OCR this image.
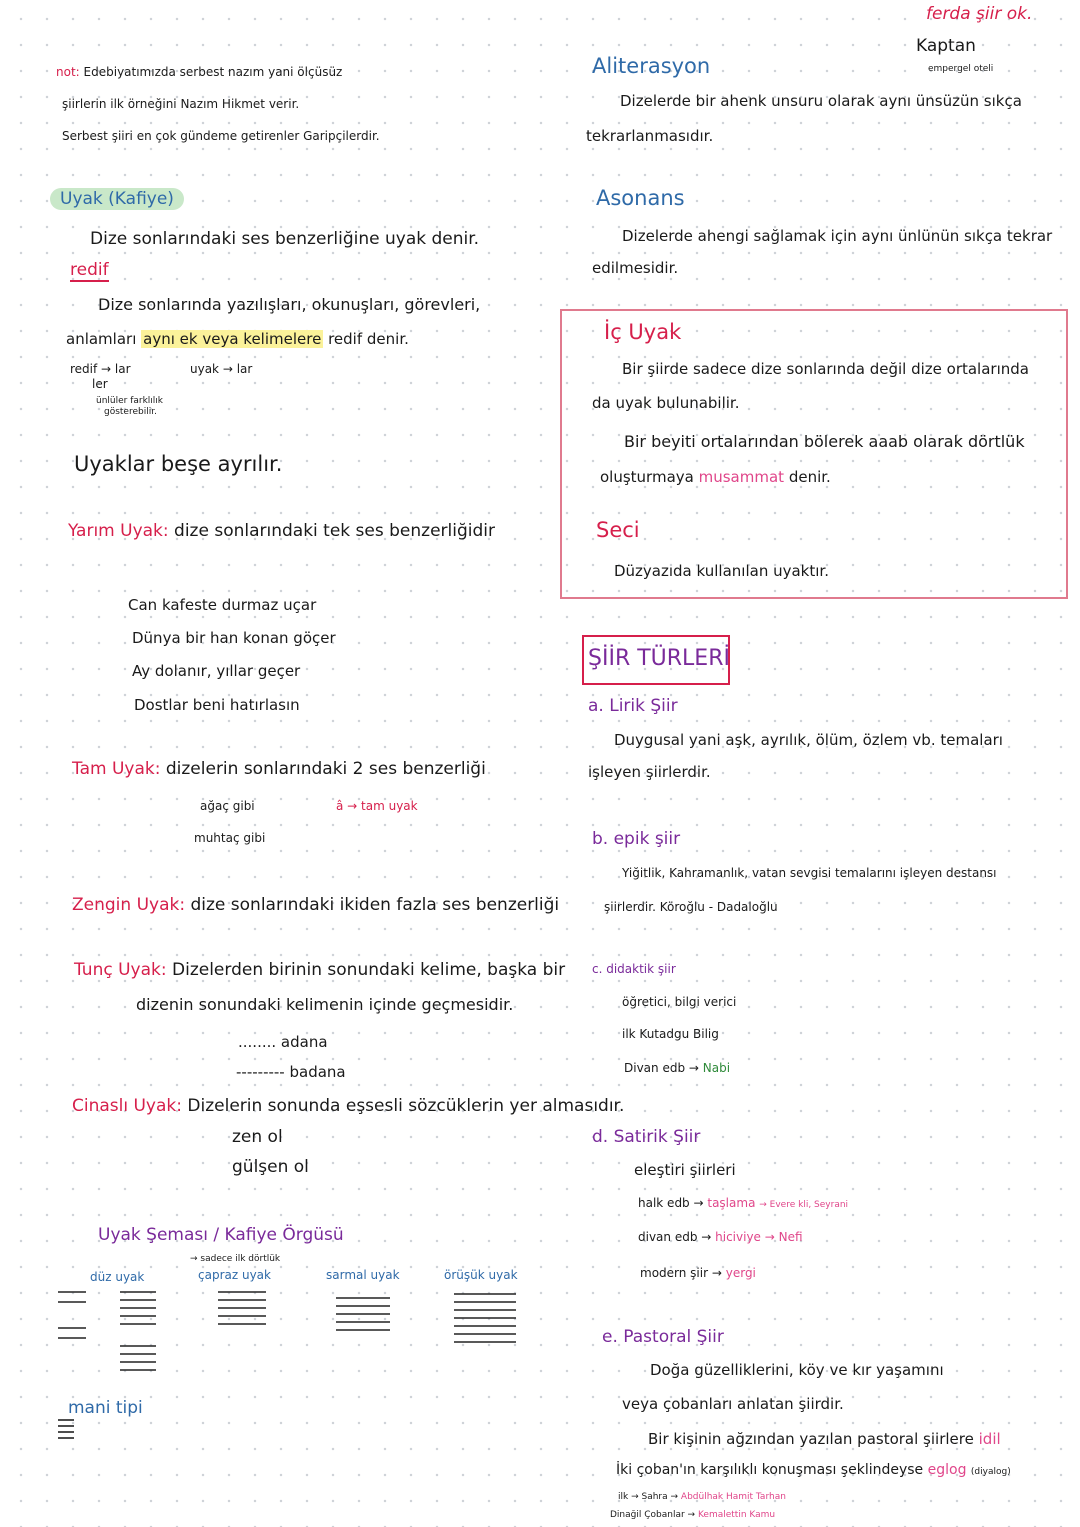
ferda şiir ok.
Kaptan
empergel oteli
not: Edebiyatımızda serbest nazım yani ölçüsüz
şiirlerin ilk örneğini Nazım Hikmet verir.
Serbest şiiri en çok gündeme getirenler Garipçilerdir.
Uyak (Kafiye)
Dize sonlarındaki ses benzerliğine uyak denir.
redif
Dize sonlarında yazılışları, okunuşları, görevleri,
anlamları aynı ek veya kelimelere redif denir.
redif → lar
ler
ünlüler farklılık
gösterebilir.
uyak → lar
Uyaklar beşe ayrılır.
Yarım Uyak: dize sonlarındaki tek ses benzerliğidir
Can kafeste durmaz uçar
Dünya bir han konan göçer
Ay dolanır, yıllar geçer
Dostlar beni hatırlasın
Tam Uyak: dizelerin sonlarındaki 2 ses benzerliği
ağaç gibi
muhtaç gibi
â → tam uyak
Zengin Uyak: dize sonlarındaki ikiden fazla ses benzerliği
Tunç Uyak: Dizelerden birinin sonundaki kelime, başka bir
dizenin sonundaki kelimenin içinde geçmesidir.
........ adana
--------- badana
Cinaslı Uyak: Dizelerin sonunda eşsesli sözcüklerin yer almasıdır.
zen ol
gülşen ol
Uyak Şeması / Kafiye Örgüsü
→ sadece ilk dörtlük
düz uyak	çapraz uyak	sarmal uyak	örüşük uyak
mani tipi
Aliterasyon
Dizelerde bir ahenk unsuru olarak aynı ünsüzün sıkça
tekrarlanmasıdır.
Asonans
Dizelerde ahengi sağlamak için aynı ünlünün sıkça tekrar
edilmesidir.
İç Uyak
Bir şiirde sadece dize sonlarında değil dize ortalarında
da uyak bulunabilir.
Bir beyiti ortalarından bölerek aaab olarak dörtlük
oluşturmaya musammat denir.
Seci
Düzyazıda kullanılan uyaktır.
ŞİİR TÜRLERİ
a. Lirik Şiir
Duygusal yani aşk, ayrılık, ölüm, özlem vb. temaları
işleyen şiirlerdir.
b. epik şiir
Yiğitlik, Kahramanlık, vatan sevgisi temalarını işleyen destansı
şiirlerdir. Köroğlu - Dadaloğlu
c. didaktik şiir
öğretici, bilgi verici
ilk Kutadgu Bilig
Divan edb → Nabi
d. Satirik Şiir
eleştiri şiirleri
halk edb → taşlama → Evere kli, Seyrani
divan edb → hiciviye → Nefi
modern şiir → yergi
e. Pastoral Şiir
Doğa güzelliklerini, köy ve kır yaşamını
veya çobanları anlatan şiirdir.
Bir kişinin ağzından yazılan pastoral şiirlere idil
İki çoban'ın karşılıklı konuşması şeklindeyse eglog (diyalog)
ilk → Sahra → Abdülhak Hamit Tarhan
Dinağil Çobanlar → Kemalettin Kamu
